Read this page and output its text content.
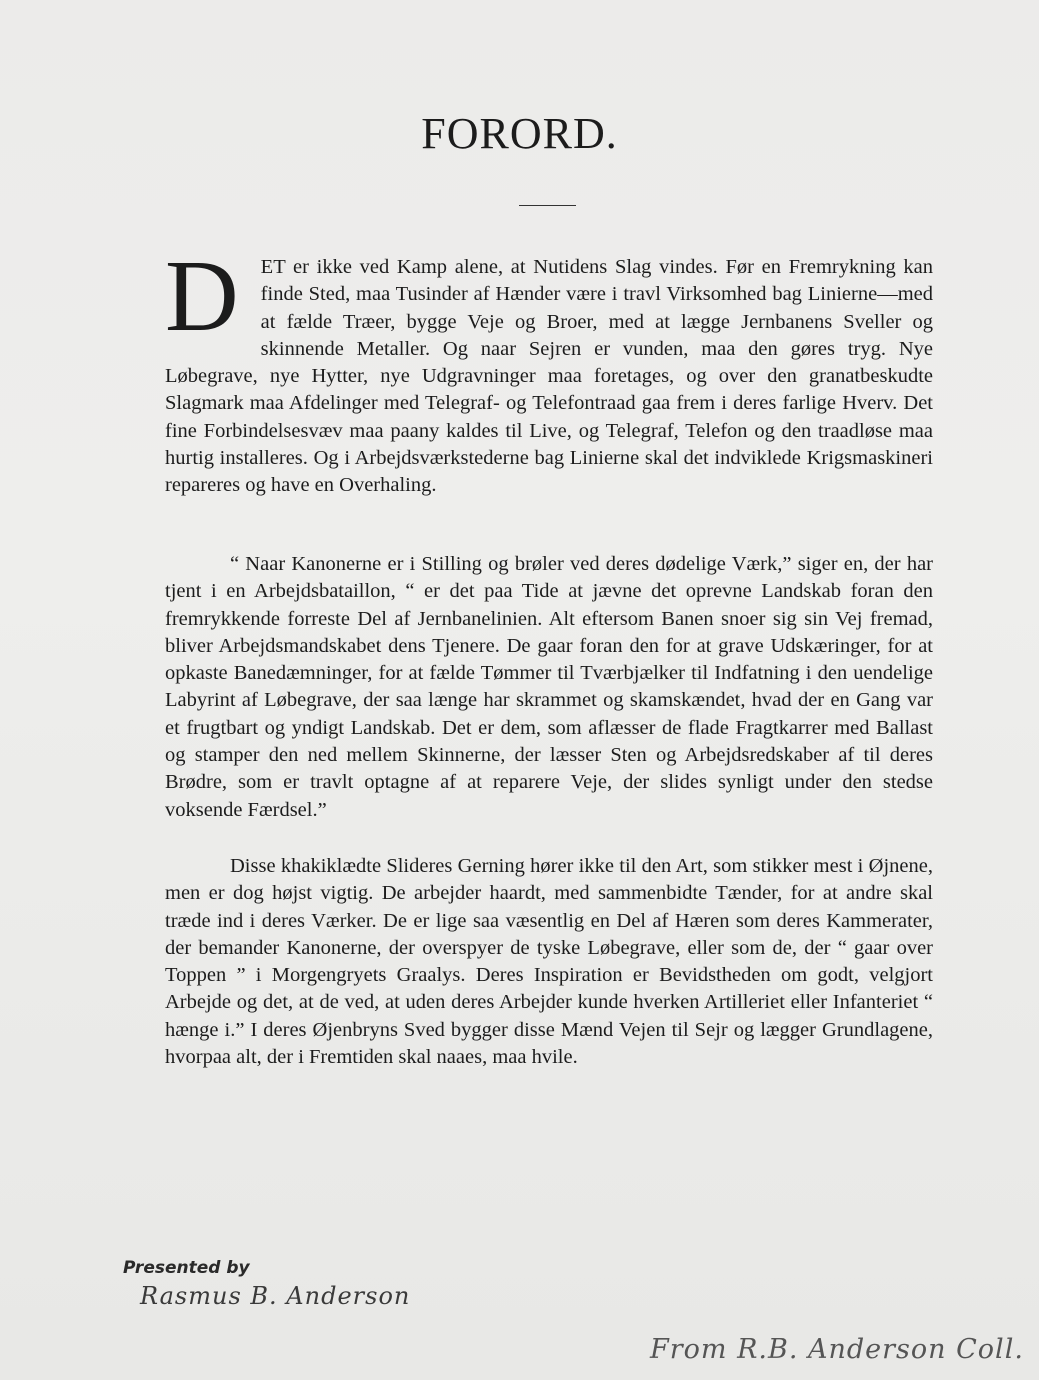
FORORD.

D ET er ikke ved Kamp alene, at Nutidens Slag vindes. Før en Fremrykning kan finde Sted, maa Tusinder af Hænder være i travl Virksomhed bag Linierne—med at fælde Træer, bygge Veje og Broer, med at lægge Jernbanens Sveller og skinnende Metaller. Og naar Sejren er vunden, maa den gøres tryg. Nye Løbegrave, nye Hytter, nye Udgravninger maa foretages, og over den granatbeskudte Slagmark maa Afdelinger med Telegraf- og Telefontraad gaa frem i deres farlige Hverv. Det fine Forbindelsesvæv maa paany kaldes til Live, og Telegraf, Telefon og den traadløse maa hurtig installeres. Og i Arbejdsværkstederne bag Linierne skal det indviklede Krigsmaskineri repareres og have en Overhaling.

“ Naar Kanonerne er i Stilling og brøler ved deres dødelige Værk,” siger en, der har tjent i en Arbejdsbataillon, “ er det paa Tide at jævne det oprevne Landskab foran den fremrykkende forreste Del af Jernbanelinien. Alt eftersom Banen snoer sig sin Vej fremad, bliver Arbejdsmandskabet dens Tjenere. De gaar foran den for at grave Udskæringer, for at opkaste Banedæmninger, for at fælde Tømmer til Tværbjælker til Indfatning i den uendelige Labyrint af Løbegrave, der saa længe har skrammet og skamskændet, hvad der en Gang var et frugtbart og yndigt Landskab. Det er dem, som aflæsser de flade Fragtkarrer med Ballast og stamper den ned mellem Skinnerne, der læsser Sten og Arbejdsredskaber af til deres Brødre, som er travlt optagne af at reparere Veje, der slides synligt under den stedse voksende Færdsel.”

Disse khakiklædte Slideres Gerning hører ikke til den Art, som stikker mest i Øjnene, men er dog højst vigtig. De arbejder haardt, med sammenbidte Tænder, for at andre skal træde ind i deres Værker. De er lige saa væsentlig en Del af Hæren som deres Kammerater, der bemander Kanonerne, der overspyer de tyske Løbegrave, eller som de, der “ gaar over Toppen ” i Morgengryets Graalys. Deres Inspiration er Bevidstheden om godt, velgjort Arbejde og det, at de ved, at uden deres Arbejder kunde hverken Artilleriet eller Infanteriet “ hænge i.” I deres Øjenbryns Sved bygger disse Mænd Vejen til Sejr og lægger Grundlagene, hvorpaa alt, der i Fremtiden skal naaes, maa hvile.

Presented by
Rasmus B. Anderson
From R.B. Anderson Coll.
